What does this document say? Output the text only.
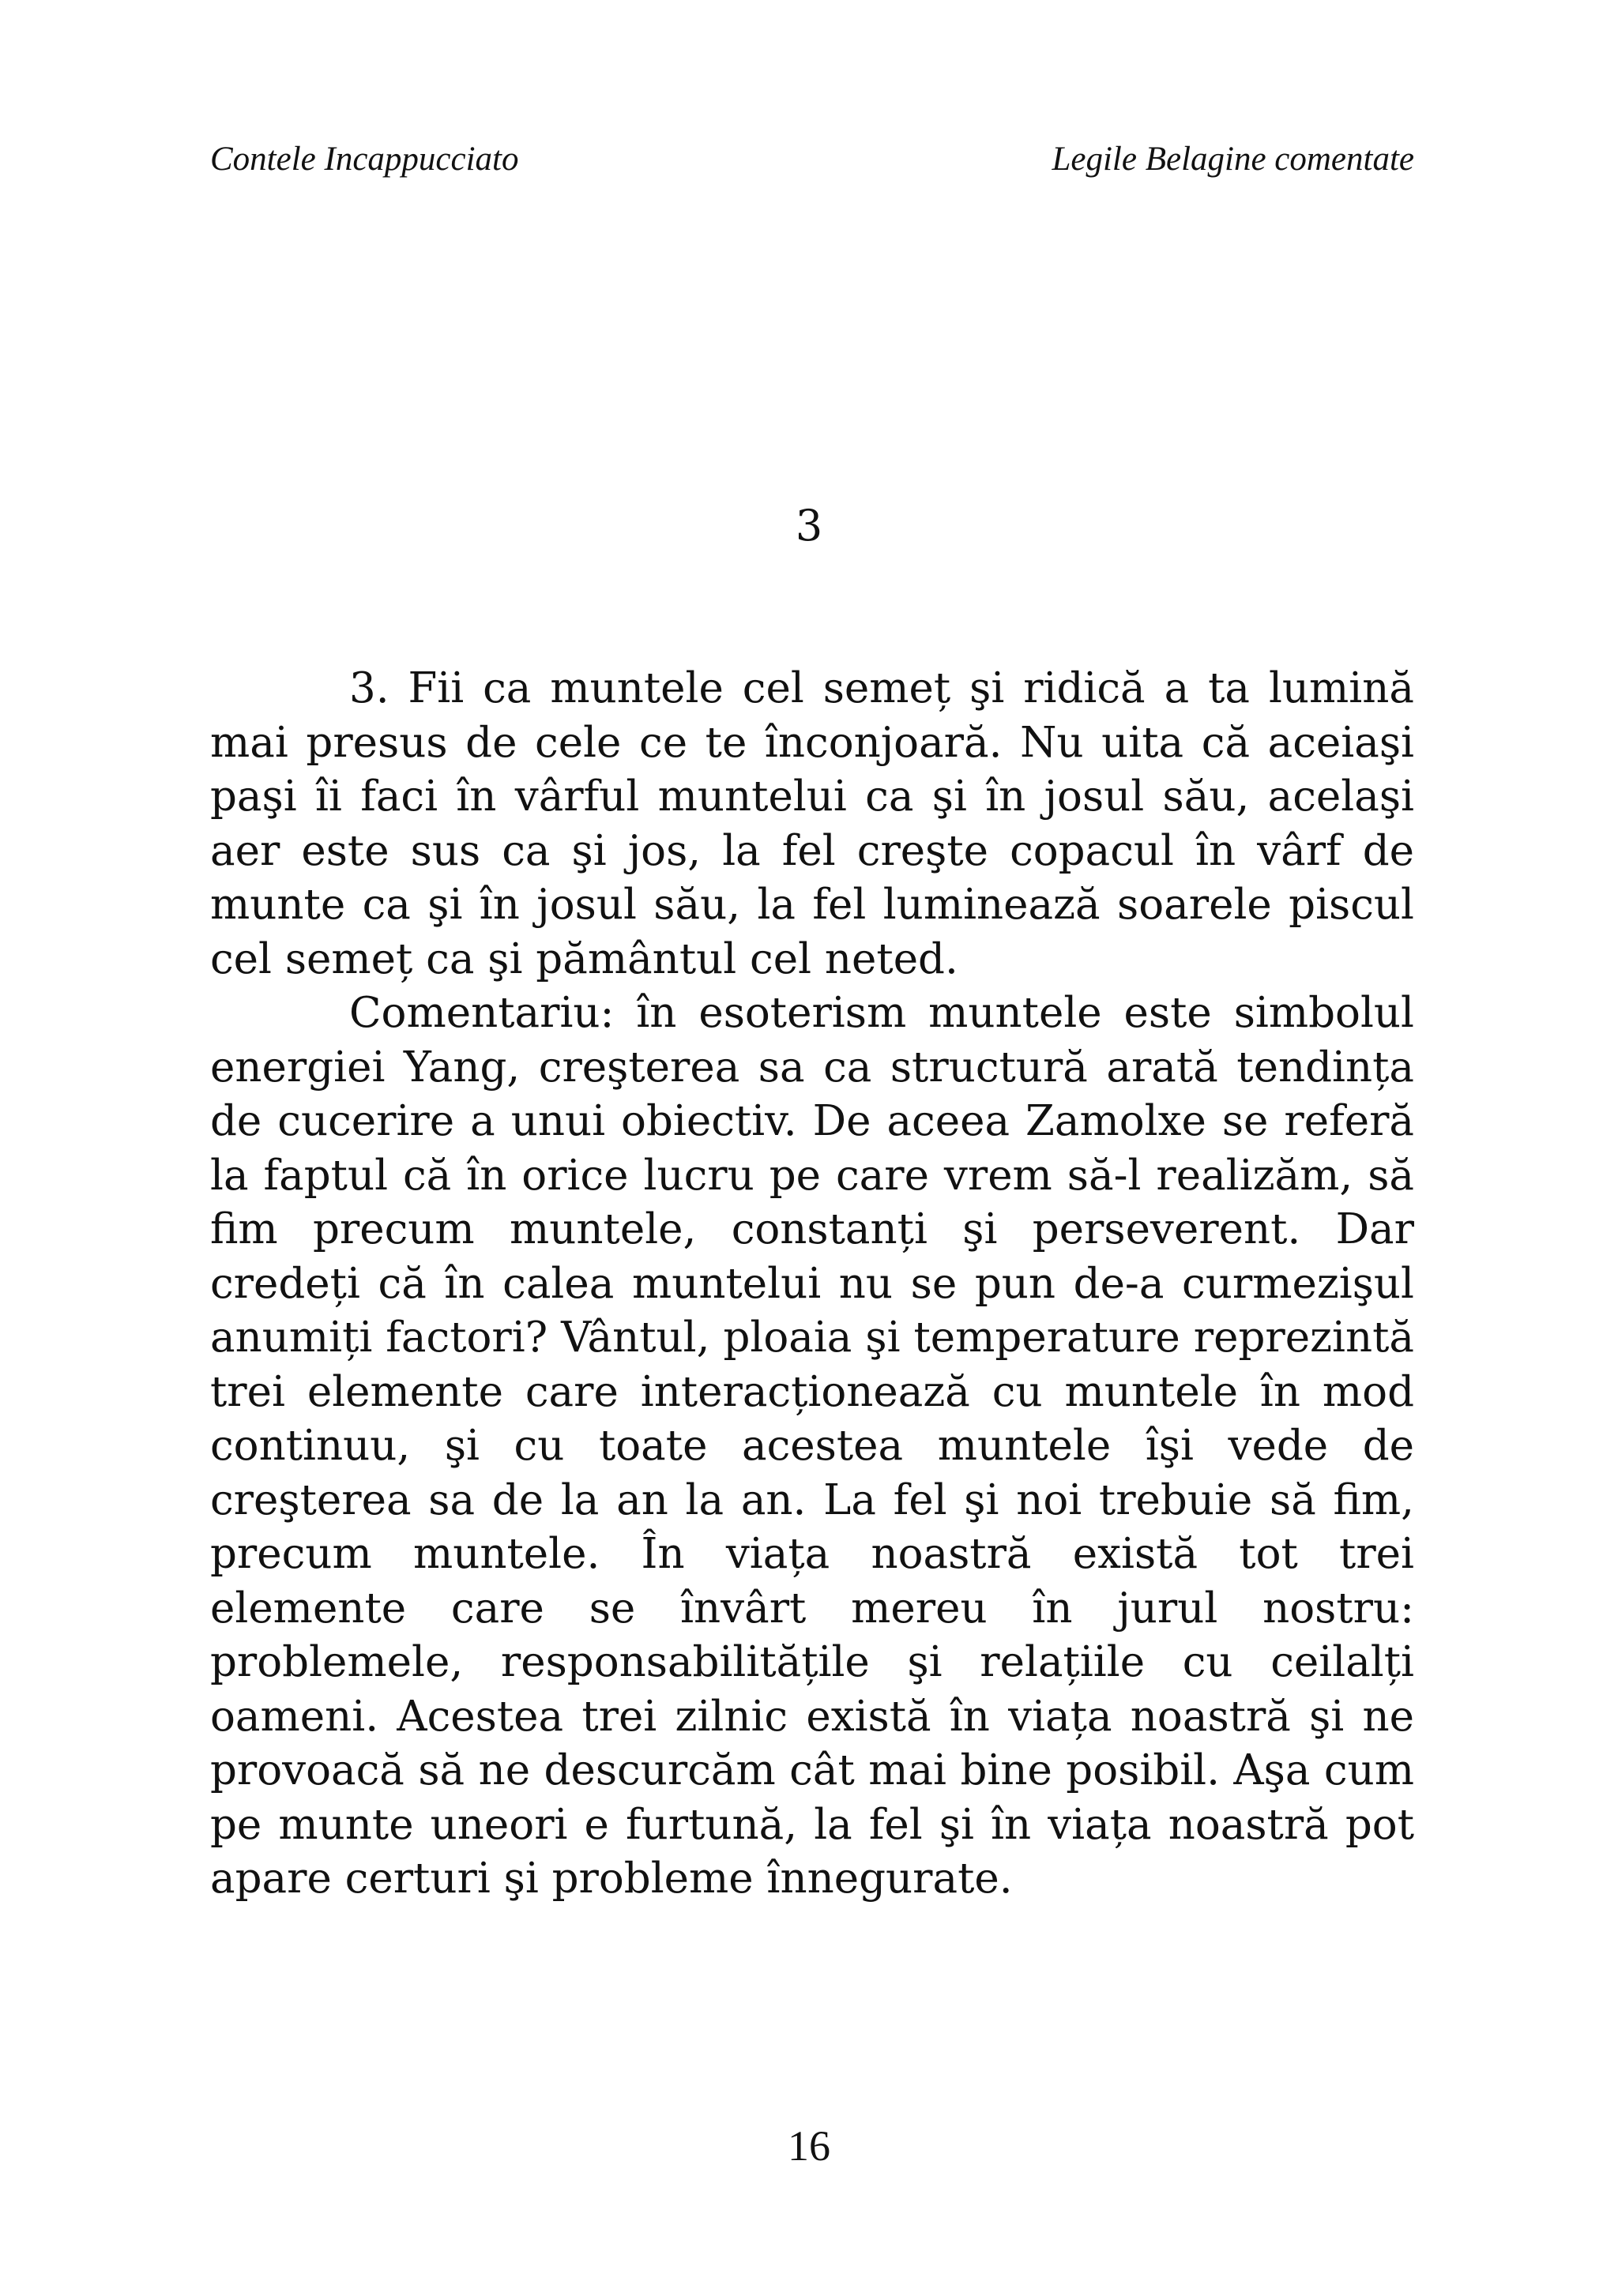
Contele Incappucciato	Legile Belagine comentate
3

3. Fii ca muntele cel semeț şi ridică a ta lumină mai presus de cele ce te înconjoară. Nu uita că aceiaşi paşi îi faci în vârful muntelui ca şi în josul său, acelaşi aer este sus ca şi jos, la fel creşte copacul în vârf de munte ca şi în josul său, la fel luminează soarele piscul cel semeț ca şi pământul cel neted.

Comentariu: în esoterism muntele este simbolul energiei Yang, creşterea sa ca structură arată tendința de cucerire a unui obiectiv. De aceea Zamolxe se referă la faptul că în orice lucru pe care vrem să-l realizăm, să fim precum muntele, constanți şi perseverent. Dar credeți că în calea muntelui nu se pun de-a curmezişul anumiți factori? Vântul, ploaia şi temperature reprezintă trei elemente care interacționează cu muntele în mod continuu, şi cu toate acestea muntele îşi vede de creşterea sa de la an la an. La fel şi noi trebuie să fim, precum muntele. În viața noastră există tot trei elemente care se învârt mereu în jurul nostru: problemele, responsabilitățile şi relațiile cu ceilalți oameni. Acestea trei zilnic există în viața noastră şi ne provoacă să ne descurcăm cât mai bine posibil. Aşa cum pe munte uneori e furtună, la fel şi în viața noastră pot apare certuri şi probleme înnegurate.

16
